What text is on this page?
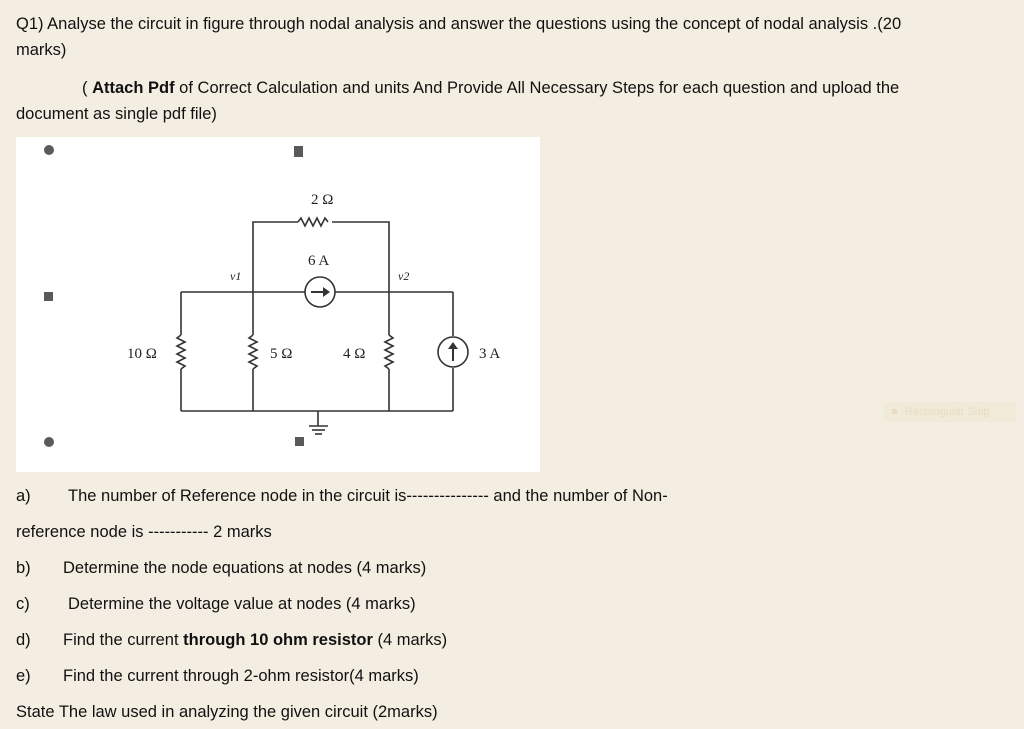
Q1) Analyse the circuit in figure through nodal analysis and answer the questions using the concept of nodal analysis .(20
marks)
( Attach Pdf of Correct Calculation and units And Provide All Necessary Steps for each question and upload the
document as single pdf file)
2 Ω
6 A
v1	v2
10 Ω	5 Ω	4 Ω	3 A
Rectangular Snip
a) The number of Reference node in the circuit is--------------- and the number of Non-
reference node is ----------- 2 marks
b) Determine the node equations at nodes (4 marks)
c) Determine the voltage value at nodes (4 marks)
d) Find the current through 10 ohm resistor (4 marks)
e) Find the current through 2-ohm resistor(4 marks)
State The law used in analyzing the given circuit (2marks)
